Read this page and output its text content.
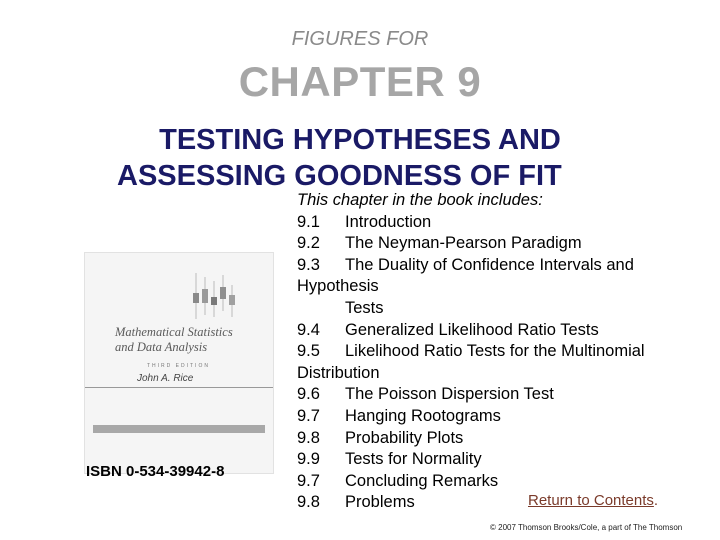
FIGURES FOR
CHAPTER 9
TESTING HYPOTHESES AND
ASSESSING GOODNESS OF FIT
Mathematical Statistics
and Data Analysis
THIRD EDITION
John A. Rice
ISBN 0-534-39942-8
This chapter in the book includes:
9.1	Introduction
9.2	The Neyman-Pearson Paradigm
9.3	The Duality of Confidence Intervals and
Hypothesis
Tests
9.4	Generalized Likelihood Ratio Tests
9.5	Likelihood Ratio Tests for the Multinomial
Distribution
9.6	The Poisson Dispersion Test
9.7	Hanging Rootograms
9.8	Probability Plots
9.9	Tests for Normality
9.7	Concluding Remarks
9.8	Problems	Return to Contents.
© 2007 Thomson Brooks/Cole, a part of The Thomson
